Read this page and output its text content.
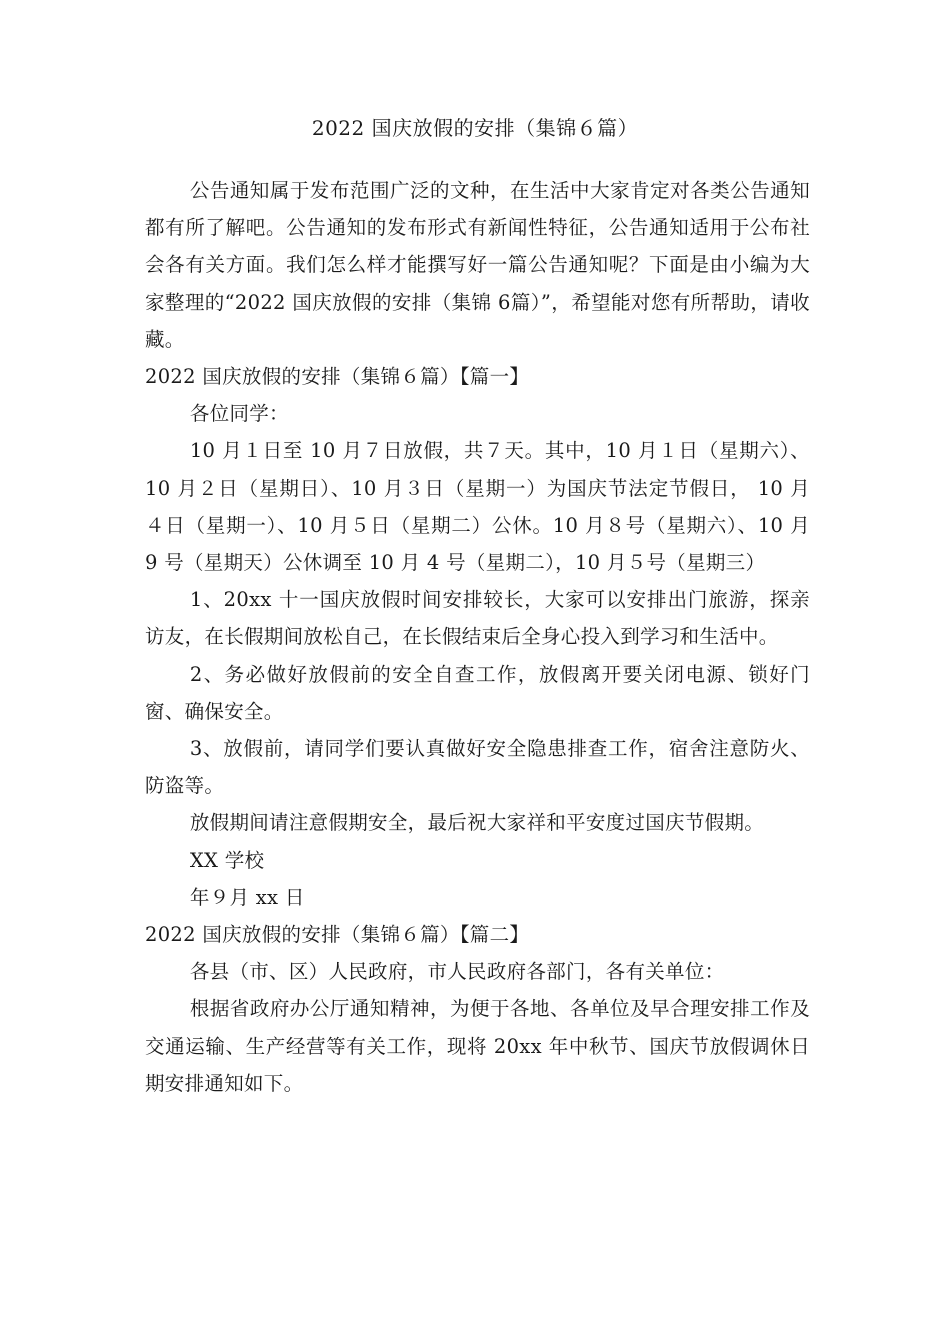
2022 国庆放假的安排（集锦６篇）

公告通知属于发布范围广泛的文种，在生活中大家肯定对各类公告通知都有所了解吧。公告通知的发布形式有新闻性特征，公告通知适用于公布社会各有关方面。我们怎么样才能撰写好一篇公告通知呢？下面是由小编为大家整理的“2022 国庆放假的安排（集锦 6篇）”，希望能对您有所帮助，请收藏。

2022 国庆放假的安排（集锦６篇）【篇一】

各位同学：

10 月１日至 10 月７日放假，共７天。其中，10 月１日（星期六）、10 月２日（星期日）、10 月３日（星期一）为国庆节法定节假日， 10 月４日（星期一）、10 月５日（星期二）公休。10 月８号（星期六）、10 月 9 号（星期天）公休调至 10 月 4 号（星期二），10 月５号（星期三）

1、20xx 十一国庆放假时间安排较长，大家可以安排出门旅游，探亲访友，在长假期间放松自己，在长假结束后全身心投入到学习和生活中。

2、务必做好放假前的安全自查工作，放假离开要关闭电源、锁好门窗、确保安全。

3、放假前，请同学们要认真做好安全隐患排查工作，宿舍注意防火、防盗等。

放假期间请注意假期安全，最后祝大家祥和平安度过国庆节假期。

XX 学校

年９月 xx 日

2022 国庆放假的安排（集锦６篇）【篇二】

各县（市、区）人民政府，市人民政府各部门，各有关单位：

根据省政府办公厅通知精神，为便于各地、各单位及早合理安排工作及交通运输、生产经营等有关工作，现将 20xx 年中秋节、国庆节放假调休日期安排通知如下。
